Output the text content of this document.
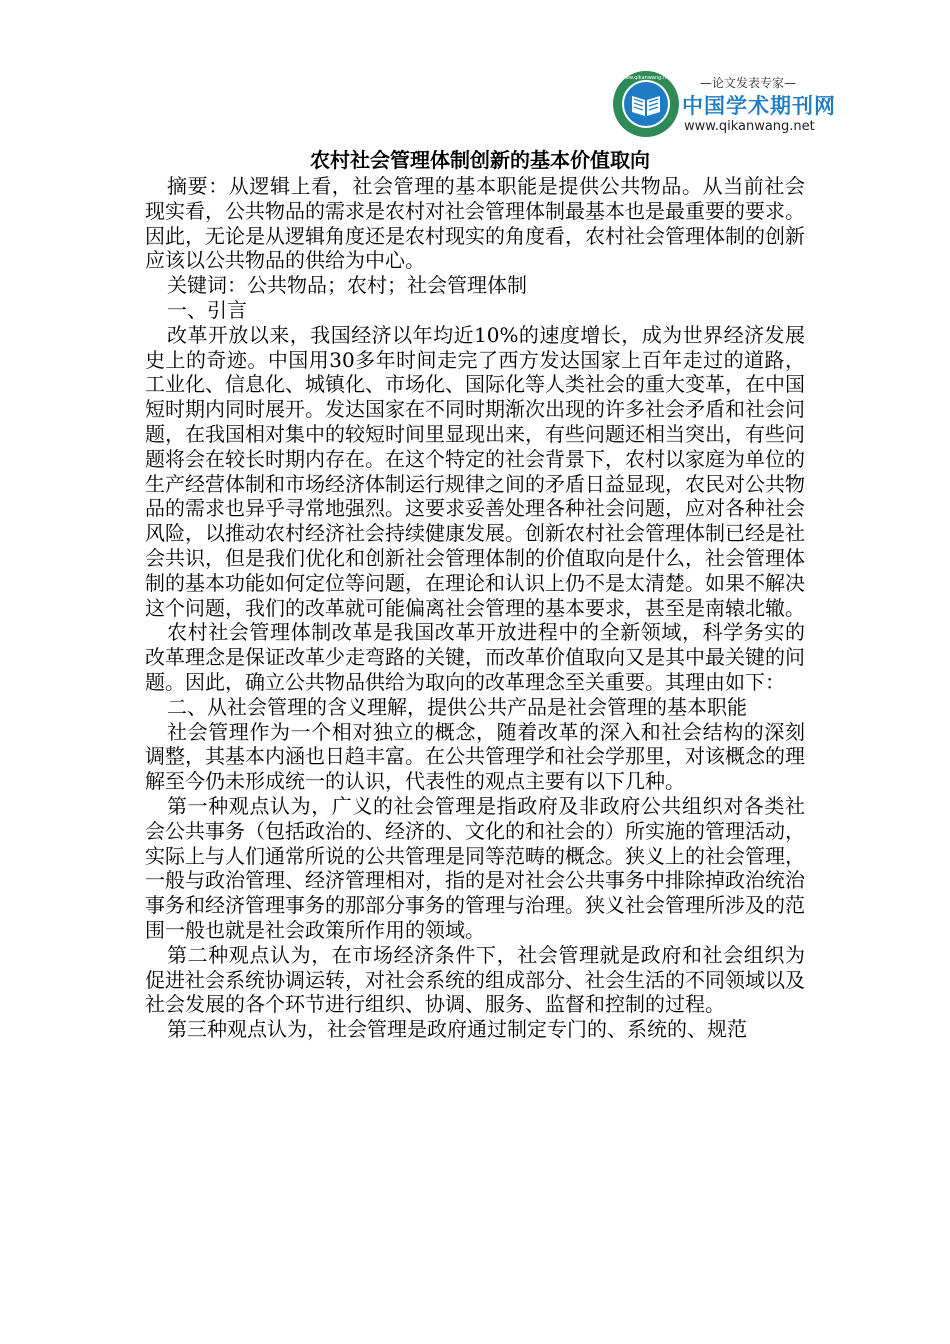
www.qikanwang.net	—论文发表专家—
中国学术期刊网
www.qikanwang.net
农村社会管理体制创新的基本价值取向

摘要：从逻辑上看，社会管理的基本职能是提供公共物品。从当前社会现实看，公共物品的需求是农村对社会管理体制最基本也是最重要的要求。因此，无论是从逻辑角度还是农村现实的角度看，农村社会管理体制的创新应该以公共物品的供给为中心。

关键词：公共物品；农村；社会管理体制

一、引言

改革开放以来，我国经济以年均近10%的速度增长，成为世界经济发展史上的奇迹。中国用30多年时间走完了西方发达国家上百年走过的道路，工业化、信息化、城镇化、市场化、国际化等人类社会的重大变革，在中国短时期内同时展开。发达国家在不同时期渐次出现的许多社会矛盾和社会问题，在我国相对集中的较短时间里显现出来，有些问题还相当突出，有些问题将会在较长时期内存在。在这个特定的社会背景下，农村以家庭为单位的生产经营体制和市场经济体制运行规律之间的矛盾日益显现，农民对公共物品的需求也异乎寻常地强烈。这要求妥善处理各种社会问题，应对各种社会风险，以推动农村经济社会持续健康发展。创新农村社会管理体制已经是社会共识，但是我们优化和创新社会管理体制的价值取向是什么，社会管理体制的基本功能如何定位等问题，在理论和认识上仍不是太清楚。如果不解决这个问题，我们的改革就可能偏离社会管理的基本要求，甚至是南辕北辙。

农村社会管理体制改革是我国改革开放进程中的全新领域，科学务实的改革理念是保证改革少走弯路的关键，而改革价值取向又是其中最关键的问题。因此，确立公共物品供给为取向的改革理念至关重要。其理由如下：

二、从社会管理的含义理解，提供公共产品是社会管理的基本职能

社会管理作为一个相对独立的概念，随着改革的深入和社会结构的深刻调整，其基本内涵也日趋丰富。在公共管理学和社会学那里，对该概念的理解至今仍未形成统一的认识，代表性的观点主要有以下几种。

第一种观点认为，广义的社会管理是指政府及非政府公共组织对各类社会公共事务（包括政治的、经济的、文化的和社会的）所实施的管理活动，实际上与人们通常所说的公共管理是同等范畴的概念。狭义上的社会管理，一般与政治管理、经济管理相对，指的是对社会公共事务中排除掉政治统治事务和经济管理事务的那部分事务的管理与治理。狭义社会管理所涉及的范围一般也就是社会政策所作用的领域。

第二种观点认为，在市场经济条件下，社会管理就是政府和社会组织为促进社会系统协调运转，对社会系统的组成部分、社会生活的不同领域以及社会发展的各个环节进行组织、协调、服务、监督和控制的过程。

第三种观点认为，社会管理是政府通过制定专门的、系统的、规范
